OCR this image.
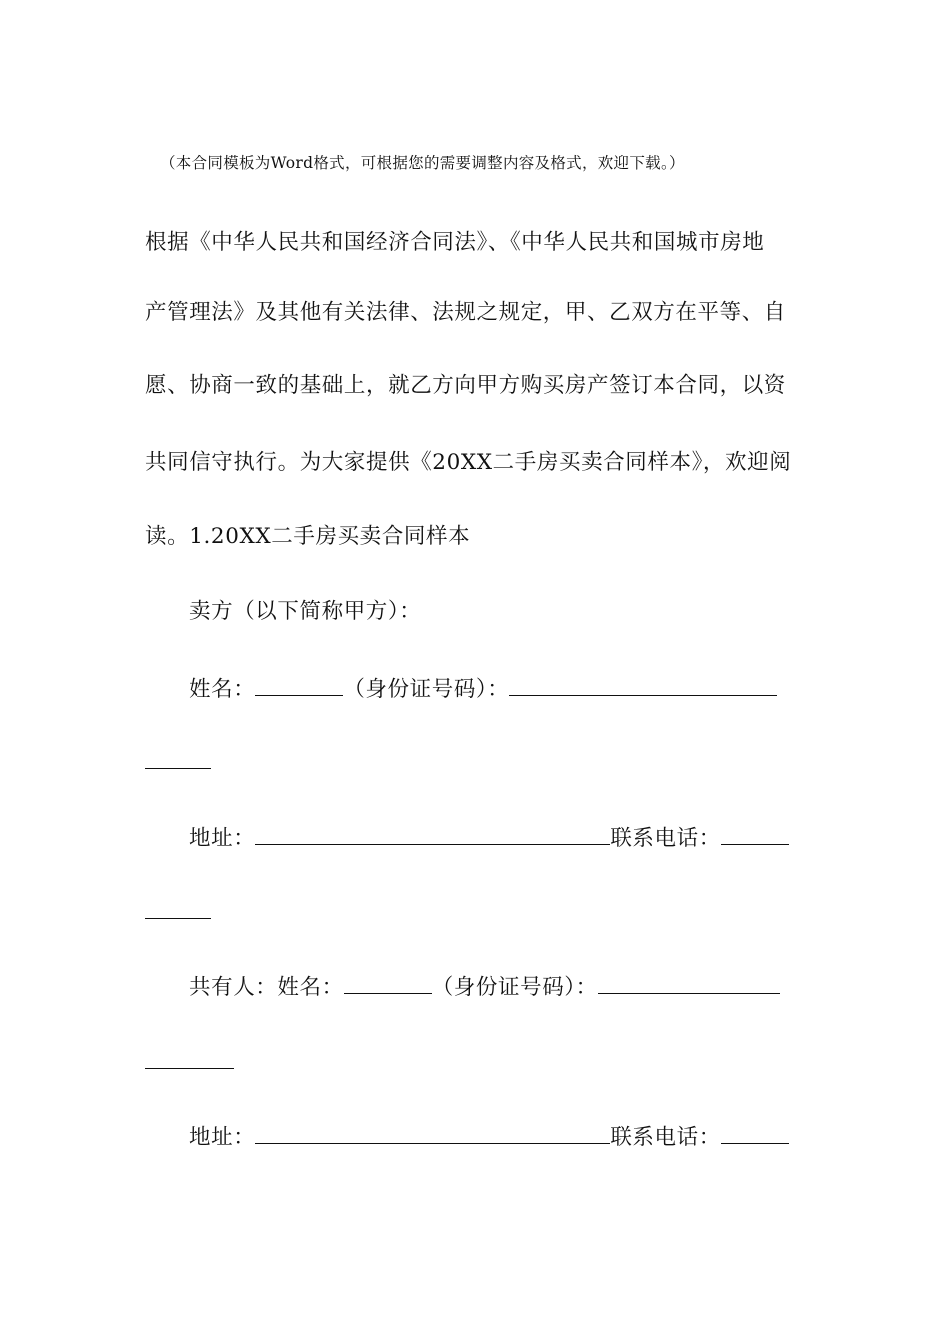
（本合同模板为Word格式，可根据您的需要调整内容及格式，欢迎下载。）
根据《中华人民共和国经济合同法》、《中华人民共和国城市房地
产管理法》及其他有关法律、法规之规定，甲、乙双方在平等、自
愿、协商一致的基础上，就乙方向甲方购买房产签订本合同，以资
共同信守执行。为大家提供《20XX二手房买卖合同样本》，欢迎阅
读。1.20XX二手房买卖合同样本
卖方（以下简称甲方）：
姓名：	（身份证号码）：
地址：	联系电话：
共有人：姓名：	（身份证号码）：
地址：	联系电话：
